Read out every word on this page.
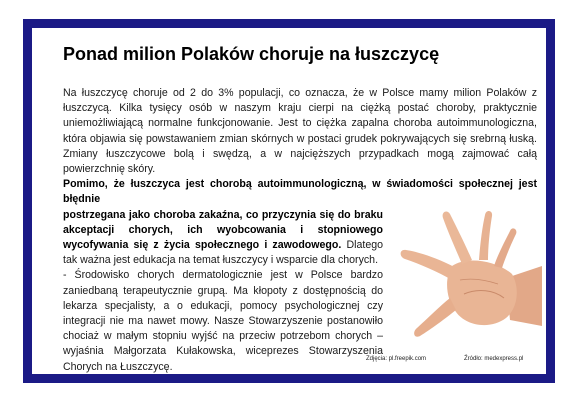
Ponad milion Polaków choruje na łuszczycę

Na łuszczycę choruje od 2 do 3% populacji, co oznacza, że w Polsce mamy milion Polaków z łuszczycą. Kilka tysięcy osób w naszym kraju cierpi na ciężką postać choroby, praktycznie uniemożliwiającą normalne funkcjonowanie. Jest to ciężka zapalna choroba autoimmunologiczna, która objawia się powstawaniem zmian skórnych w postaci grudek pokrywających się srebrną łuską. Zmiany łuszczycowe bolą i swędzą, a w najcięższych przypadkach mogą zajmować całą powierzchnię skóry.

Pomimo, że łuszczyca jest chorobą autoimmunologiczną, w świadomości społecznej jest błędnie

postrzegana jako choroba zakaźna, co przyczynia się do braku akceptacji chorych, ich wyobcowania i stopniowego wycofywania się z życia społecznego i zawodowego. Dlatego tak ważna jest edukacja na temat łuszczycy i wsparcie dla chorych.

- Środowisko chorych dermatologicznie jest w Polsce bardzo zaniedbaną terapeutycznie grupą. Ma kłopoty z dostępnością do lekarza specjalisty, a o edukacji, pomocy psychologicznej czy integracji nie ma nawet mowy. Nasze Stowarzyszenie postanowiło chociaż w małym stopniu wyjść na przeciw potrzebom chorych – wyjaśnia Małgorzata Kułakowska, wiceprezes Stowarzyszenia Chorych na Łuszczycę.

Zdjęcia: pl.freepik.com	Źródło: medexpress.pl
